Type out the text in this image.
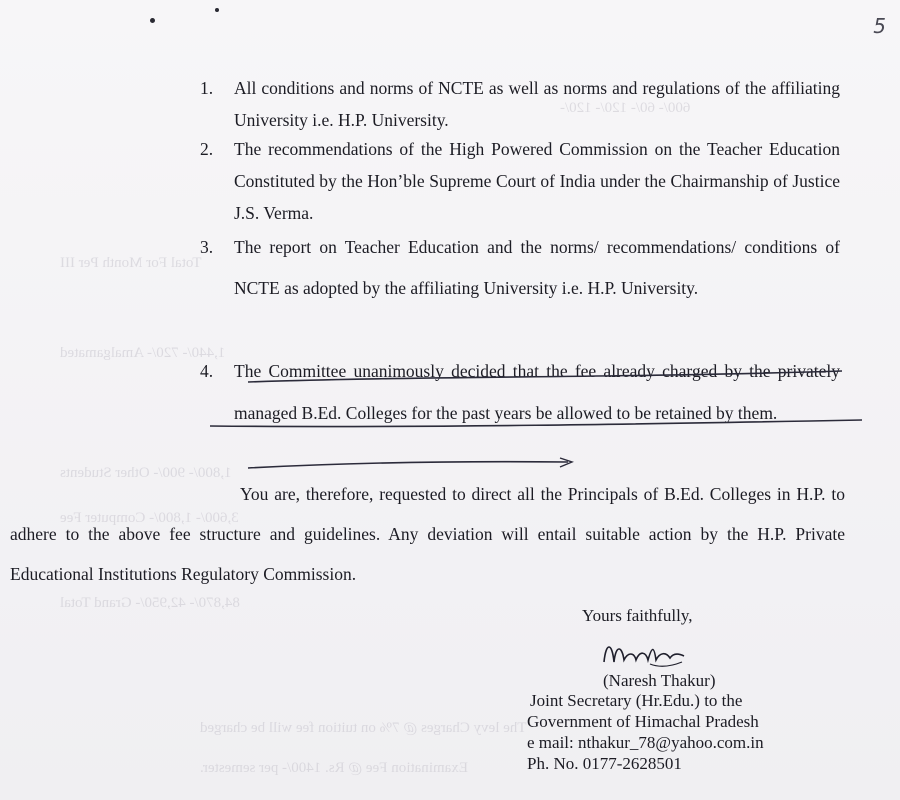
600/- 60/- 120/- 120/-
Total For Month Per III
1,440/- 720/- Amalgamated
1,800/- 900/- Other Students
3,600/- 1,800/- Computer Fee
84,870/- 42,950/- Grand Total
The levy Charges @ 7% on tuition fee will be charged
Examination Fee @ Rs. 1400/- per semester.
5
1. All conditions and norms of NCTE as well as norms and regulations of the affiliating University i.e. H.P. University.
2. The recommendations of the High Powered Commission on the Teacher Education Constituted by the Hon’ble Supreme Court of India under the Chairmanship of Justice J.S. Verma.
3. The report on Teacher Education and the norms/ recommendations/ conditions of NCTE as adopted by the affiliating University i.e. H.P. University.
4. The Committee unanimously decided that the fee already charged by the privately managed B.Ed. Colleges for the past years be allowed to be retained by them.
You are, therefore, requested to direct all the Principals of B.Ed. Colleges in H.P. to adhere to the above fee structure and guidelines. Any deviation will entail suitable action by the H.P. Private Educational Institutions Regulatory Commission.
Yours faithfully,
(Naresh Thakur)
Joint Secretary (Hr.Edu.) to the
Government of Himachal Pradesh
e mail: nthakur_78@yahoo.com.in
Ph. No. 0177-2628501
